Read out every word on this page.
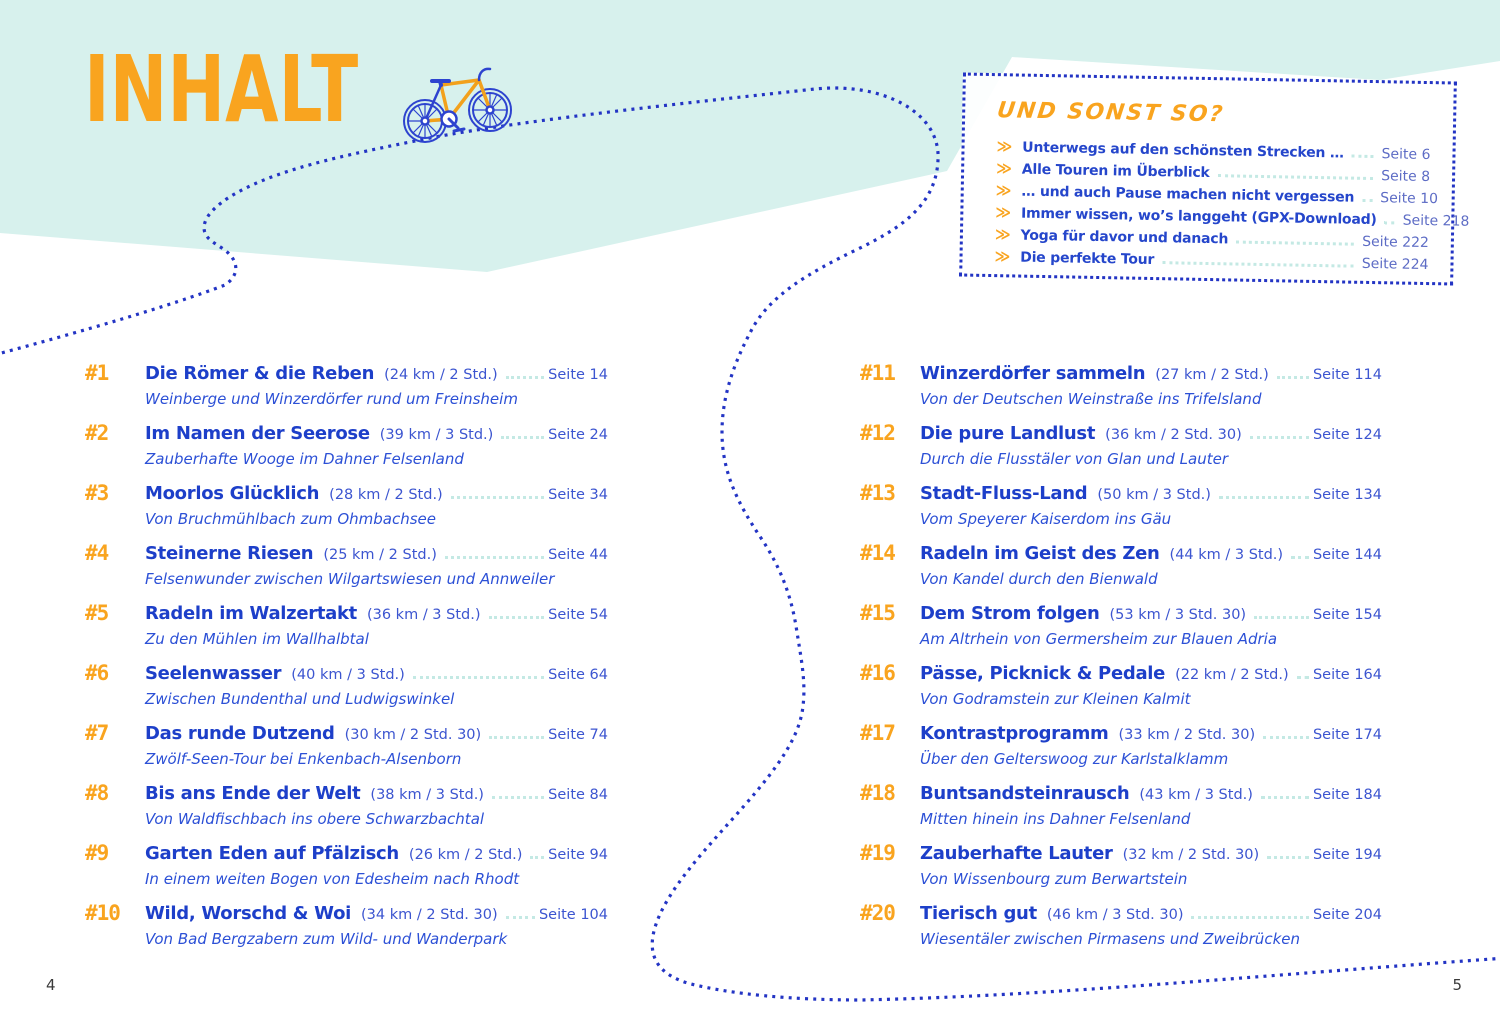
INHALT	UND SONST SO?
≫ Unterwegs auf den schönsten Strecken …	Seite 6
≫ Alle Touren im Überblick	Seite 8
≫ … und auch Pause machen nicht vergessen Seite 10
≫ Immer wissen, wo’s langgeht (GPX-Download) Seite 218
≫ Yoga für davor und danach	Seite 222
≫ Die perfekte Tour	Seite 224
#1	Die Römer & die Reben (24 km / 2 Std.)	Seite 14
Weinberge und Winzerdörfer rund um Freinsheim
#2	Im Namen der Seerose (39 km / 3 Std.)	Seite 24
Zauberhafte Wooge im Dahner Felsenland
#3	Moorlos Glücklich (28 km / 2 Std.)	Seite 34
Von Bruchmühlbach zum Ohmbachsee
#4	Steinerne Riesen (25 km / 2 Std.)	Seite 44
Felsenwunder zwischen Wilgartswiesen und Annweiler
#5	Radeln im Walzertakt (36 km / 3 Std.)	Seite 54
Zu den Mühlen im Wallhalbtal
#6	Seelenwasser (40 km / 3 Std.)	Seite 64
Zwischen Bundenthal und Ludwigswinkel
#7	Das runde Dutzend (30 km / 2 Std. 30)	Seite 74
Zwölf-Seen-Tour bei Enkenbach-Alsenborn
#8	Bis ans Ende der Welt (38 km / 3 Std.)	Seite 84
Von Waldfischbach ins obere Schwarzbachtal
#9	Garten Eden auf Pfälzisch (26 km / 2 Std.) Seite 94
In einem weiten Bogen von Edesheim nach Rhodt
#10	Wild, Worschd & Woi (34 km / 2 Std. 30)	Seite 104
Von Bad Bergzabern zum Wild- und Wanderpark
#11	Winzerdörfer sammeln (27 km / 2 Std.)	Seite 114
Von der Deutschen Weinstraße ins Trifelsland
#12	Die pure Landlust (36 km / 2 Std. 30)	Seite 124
Durch die Flusstäler von Glan und Lauter
#13	Stadt-Fluss-Land (50 km / 3 Std.)	Seite 134
Vom Speyerer Kaiserdom ins Gäu
#14	Radeln im Geist des Zen (44 km / 3 Std.) Seite 144
Von Kandel durch den Bienwald
#15	Dem Strom folgen (53 km / 3 Std. 30)	Seite 154
Am Altrhein von Germersheim zur Blauen Adria
#16	Pässe, Picknick & Pedale (22 km / 2 Std.) Seite 164
Von Godramstein zur Kleinen Kalmit
#17	Kontrastprogramm (33 km / 2 Std. 30)	Seite 174
Über den Gelterswoog zur Karlstalklamm
#18	Buntsandsteinrausch (43 km / 3 Std.)	Seite 184
Mitten hinein ins Dahner Felsenland
#19	Zauberhafte Lauter (32 km / 2 Std. 30)	Seite 194
Von Wissenbourg zum Berwartstein
#20	Tierisch gut (46 km / 3 Std. 30)	Seite 204
Wiesentäler zwischen Pirmasens und Zweibrücken
4	5
